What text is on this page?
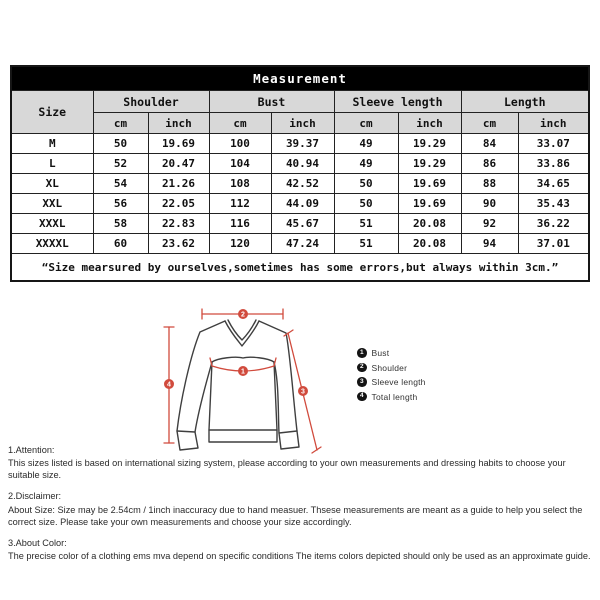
Measurement								
Size	Shoulder		Bust		Sleeve length		Length	
	cm	inch	cm	inch	cm	inch	cm	inch
M	50	19.69	100	39.37	49	19.29	84	33.07
L	52	20.47	104	40.94	49	19.29	86	33.86
XL	54	21.26	108	42.52	50	19.69	88	34.65
XXL	56	22.05	112	44.09	50	19.69	90	35.43
XXXL	58	22.83	116	45.67	51	20.08	92	36.22
XXXXL	60	23.62	120	47.24	51	20.08	94	37.01
“Size mearsured by ourselves,sometimes has some errors,but always within 3cm.”								
2
1
4
3
1 Bust
2 Shoulder
3 Sleeve length
4 Total length
1.Attention:
This sizes listed is based on international sizing system, please according to your own measurements and dressing habits to choose your suitable size.
2.Disclaimer:
About Size: Size may be 2.54cm / 1inch inaccuracy due to hand measuer. Thsese measurements are meant as a guide to help you select the correct size. Please take your own measurements and choose your size accordingly.
3.About Color:
The precise color of a clothing ems mva depend on specific conditions The items colors depicted should only be used as an approximate guide.
